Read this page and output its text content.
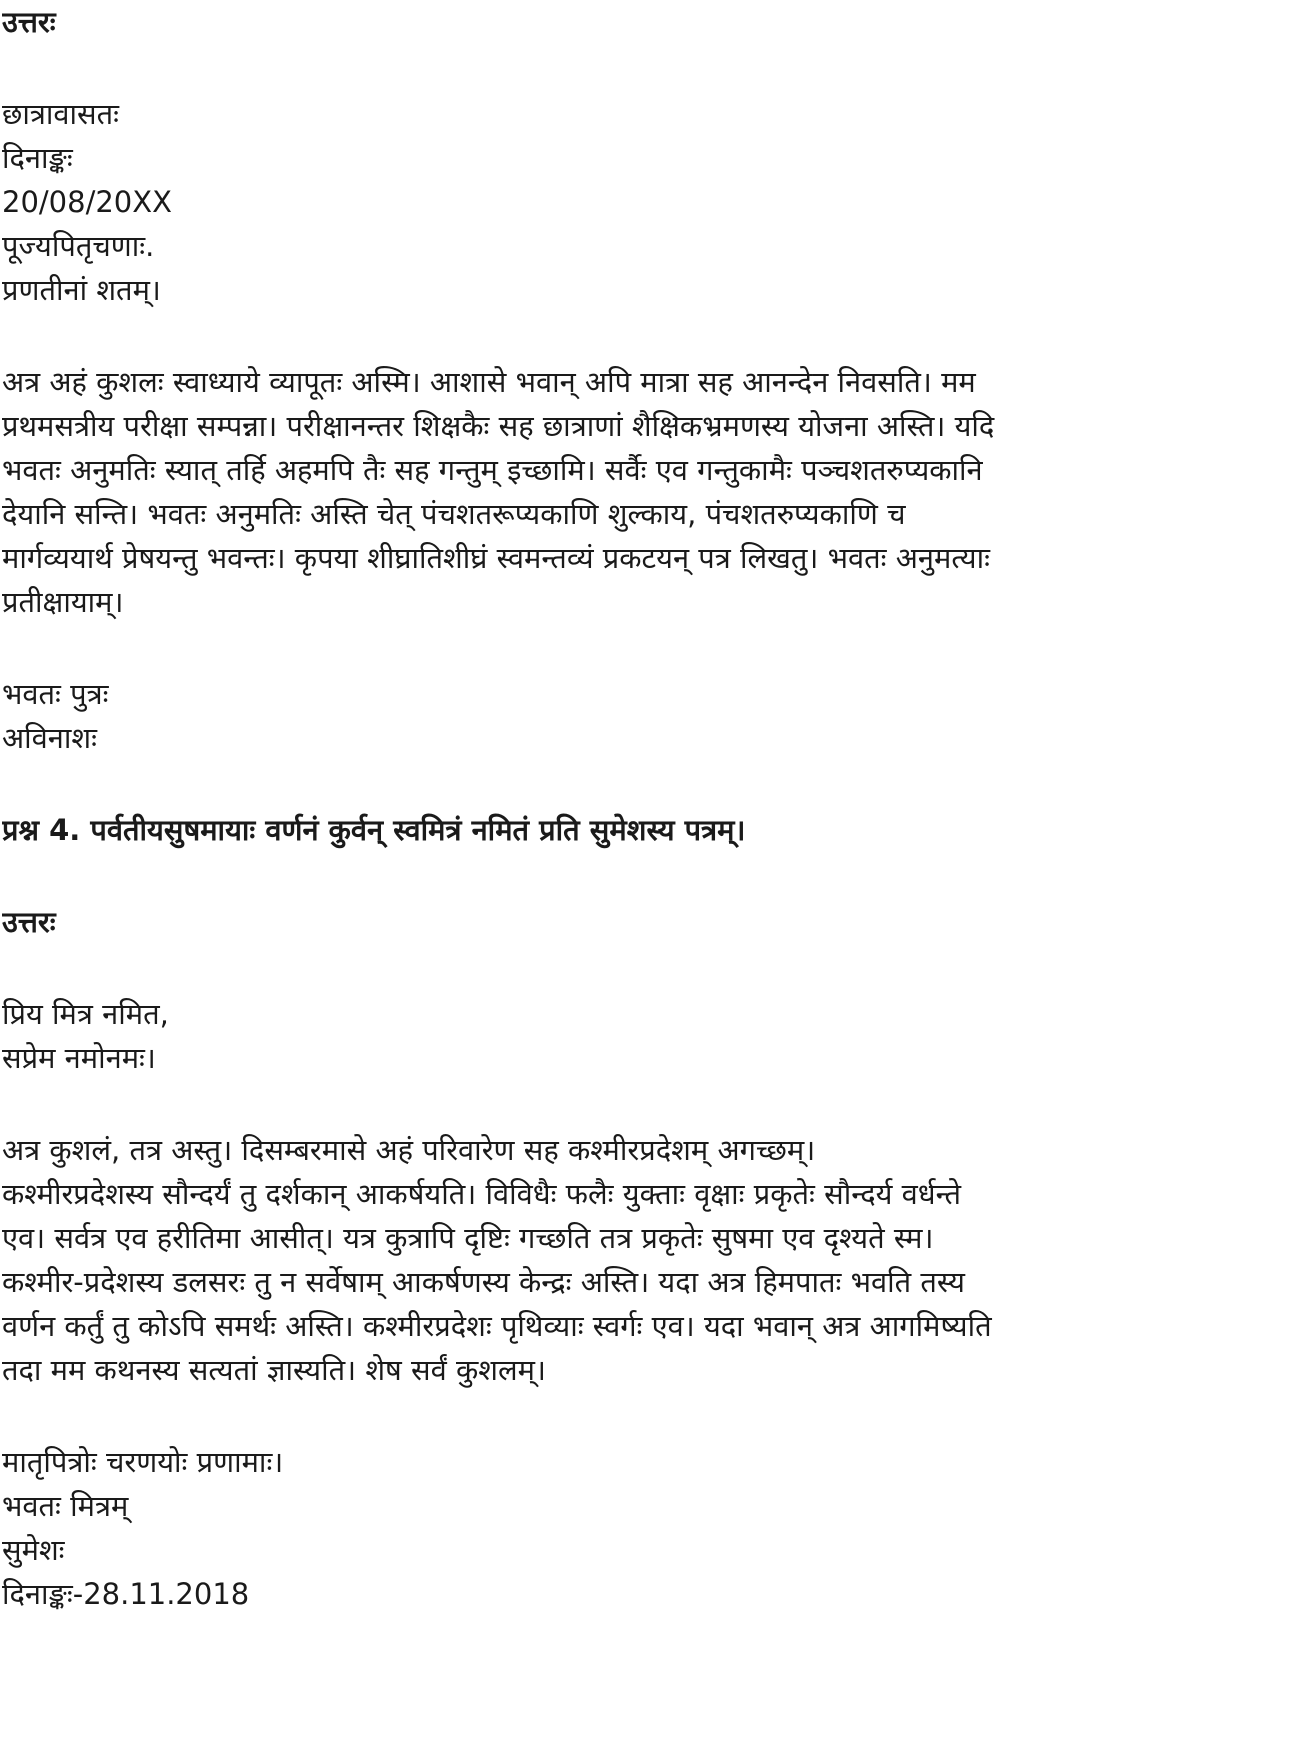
उत्तरः
छात्रावासतः
दिनाङ्कः
20/08/20XX
पूज्यपितृचणाः.
प्रणतीनां शतम्।
अत्र अहं कुशलः स्वाध्याये व्यापूतः अस्मि। आशासे भवान् अपि मात्रा सह आनन्देन निवसति। मम
प्रथमसत्रीय परीक्षा सम्पन्ना। परीक्षानन्तर शिक्षकैः सह छात्राणां शैक्षिकभ्रमणस्य योजना अस्ति। यदि
भवतः अनुमतिः स्यात् तर्हि अहमपि तैः सह गन्तुम् इच्छामि। सर्वैः एव गन्तुकामैः पञ्चशतरुप्यकानि
देयानि सन्ति। भवतः अनुमतिः अस्ति चेत् पंचशतरूप्यकाणि शुल्काय, पंचशतरुप्यकाणि च
मार्गव्ययार्थ प्रेषयन्तु भवन्तः। कृपया शीघ्रातिशीघ्रं स्वमन्तव्यं प्रकटयन् पत्र लिखतु। भवतः अनुमत्याः
प्रतीक्षायाम्।
भवतः पुत्रः
अविनाशः
प्रश्न 4. पर्वतीयसुषमायाः वर्णनं कुर्वन् स्वमित्रं नमितं प्रति सुमेशस्य पत्रम्।
उत्तरः
प्रिय मित्र नमित,
सप्रेम नमोनमः।
अत्र कुशलं, तत्र अस्तु। दिसम्बरमासे अहं परिवारेण सह कश्मीरप्रदेशम् अगच्छम्।
कश्मीरप्रदेशस्य सौन्दर्यं तु दर्शकान् आकर्षयति। विविधैः फलैः युक्ताः वृक्षाः प्रकृतेः सौन्दर्य वर्धन्ते
एव। सर्वत्र एव हरीतिमा आसीत्। यत्र कुत्रापि दृष्टिः गच्छति तत्र प्रकृतेः सुषमा एव दृश्यते स्म।
कश्मीर-प्रदेशस्य डलसरः तु न सर्वेषाम् आकर्षणस्य केन्द्रः अस्ति। यदा अत्र हिमपातः भवति तस्य
वर्णन कर्तुं तु कोऽपि समर्थः अस्ति। कश्मीरप्रदेशः पृथिव्याः स्वर्गः एव। यदा भवान् अत्र आगमिष्यति
तदा मम कथनस्य सत्यतां ज्ञास्यति। शेष सर्वं कुशलम्।
मातृपित्रोः चरणयोः प्रणामाः।
भवतः मित्रम्
सुमेशः
दिनाङ्कः-28.11.2018
